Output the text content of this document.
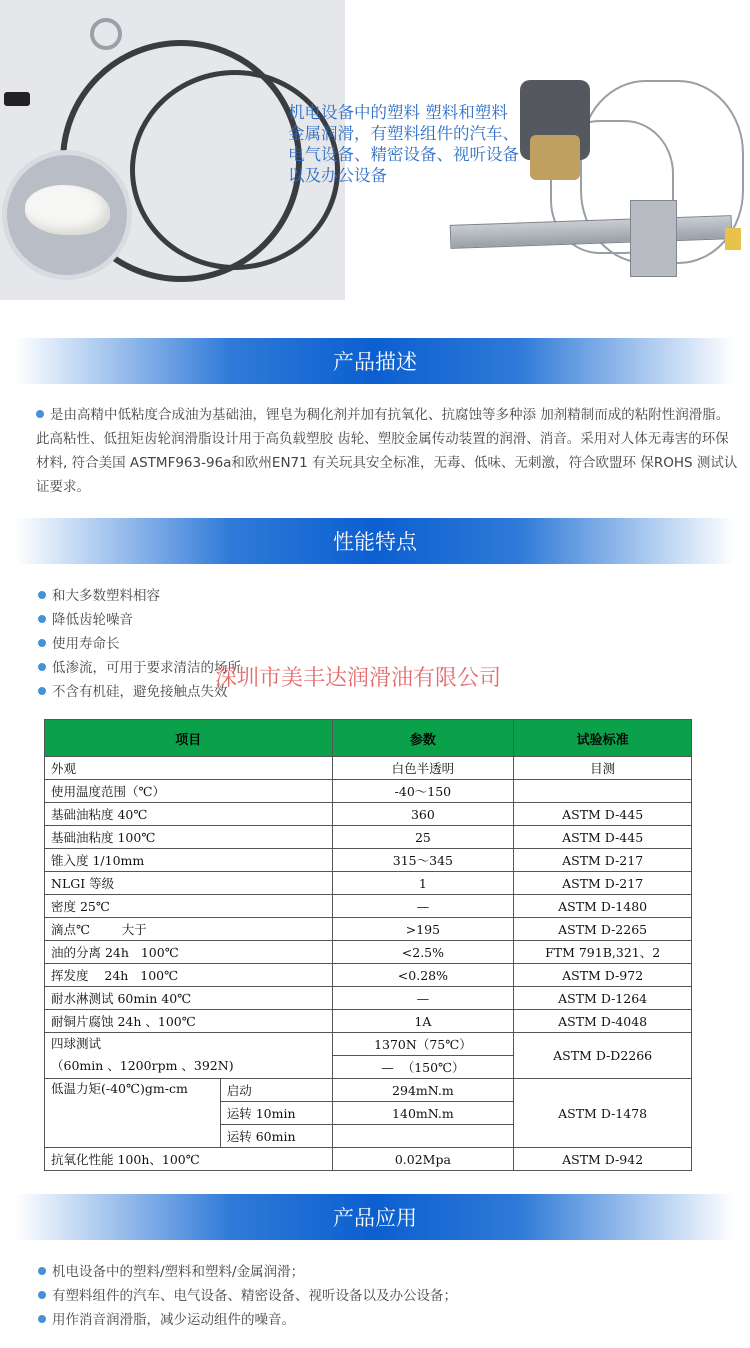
机电设备中的塑料 塑料和塑料 金属润滑，有塑料组件的汽车、电气设备、精密设备、视听设备以及办公设备
产品描述
是由高精中低粘度合成油为基础油，锂皂为稠化剂并加有抗氧化、抗腐蚀等多种添 加剂精制而成的粘附性润滑脂。此高粘性、低扭矩齿轮润滑脂设计用于高负载塑胶 齿轮、塑胶金属传动装置的润滑、消音。采用对人体无毒害的环保材料, 符合美国 ASTMF963-96a和欧州EN71 有关玩具安全标准，无毒、低味、无刺激，符合欧盟环 保ROHS 测试认证要求。
性能特点
和大多数塑料相容
降低齿轮噪音
使用寿命长
低渗流，可用于要求清洁的场所
不含有机硅，避免接触点失效
项目		参数	试验标准
外观		白色半透明	目测
使用温度范围（℃）		-40～150	
基础油粘度 40℃		360	ASTM D-445
基础油粘度 100℃		25	ASTM D-445
锥入度 1/10mm		315～345	ASTM D-217
NLGI 等级		1	ASTM D-217
密度 25℃		—	ASTM D-1480
滴点℃        大于		>195	ASTM D-2265
油的分离 24h   100℃		<2.5%	FTM 791B,321、2
挥发度    24h   100℃		<0.28%	ASTM D-972
耐水淋测试 60min 40℃		—	ASTM D-1264
耐铜片腐蚀 24h 、100℃		1A	ASTM D-4048

四球测试
（60min 、1200rpm 、392N)		1370N（75℃）	ASTM D-D2266
		—  （150℃）	
低温力矩(-40℃)gm-cm	启动	294mN.m	ASTM D-1478
	运转 10min	140mN.m	
	运转 60min		
抗氧化性能 100h、100℃		0.02Mpa	ASTM D-942
深圳市美丰达润滑油有限公司
产品应用
机电设备中的塑料/塑料和塑料/金属润滑；
有塑料组件的汽车、电气设备、精密设备、视听设备以及办公设备；
用作消音润滑脂，减少运动组件的噪音。
